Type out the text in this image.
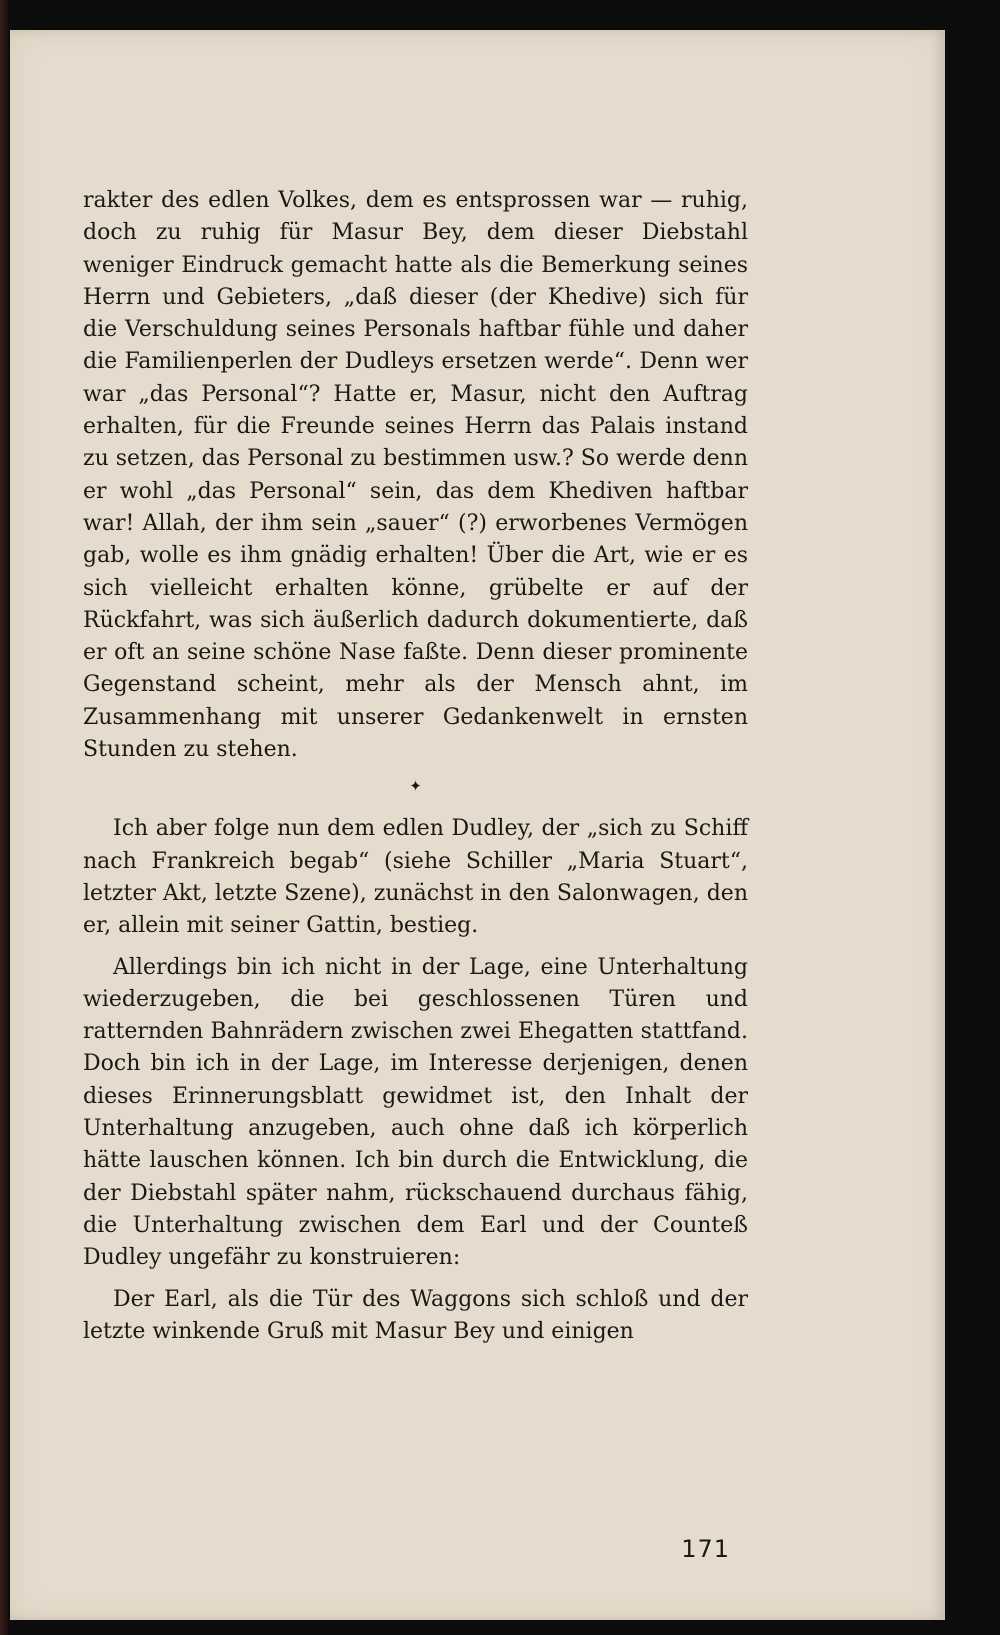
rakter des edlen Volkes, dem es entsprossen war — ruhig, doch zu ruhig für Masur Bey, dem dieser Diebstahl weniger Eindruck gemacht hatte als die Bemerkung seines Herrn und Gebieters, „daß dieser (der Khedive) sich für die Verschuldung seines Personals haftbar fühle und daher die Familienperlen der Dudleys ersetzen werde“. Denn wer war „das Personal“? Hatte er, Masur, nicht den Auftrag erhalten, für die Freunde seines Herrn das Palais instand zu setzen, das Personal zu bestimmen usw.? So werde denn er wohl „das Personal“ sein, das dem Khediven haftbar war! Allah, der ihm sein „sauer“ (?) erworbenes Vermögen gab, wolle es ihm gnädig erhalten! Über die Art, wie er es sich vielleicht erhalten könne, grübelte er auf der Rückfahrt, was sich äußerlich dadurch dokumentierte, daß er oft an seine schöne Nase faßte. Denn dieser prominente Gegenstand scheint, mehr als der Mensch ahnt, im Zusammenhang mit unserer Gedankenwelt in ernsten Stunden zu stehen.

✦

Ich aber folge nun dem edlen Dudley, der „sich zu Schiff nach Frankreich begab“ (siehe Schiller „Maria Stuart“, letzter Akt, letzte Szene), zunächst in den Salonwagen, den er, allein mit seiner Gattin, bestieg.

Allerdings bin ich nicht in der Lage, eine Unterhaltung wiederzugeben, die bei geschlossenen Türen und ratternden Bahnrädern zwischen zwei Ehegatten stattfand. Doch bin ich in der Lage, im Interesse derjenigen, denen dieses Erinnerungsblatt gewidmet ist, den Inhalt der Unterhaltung anzugeben, auch ohne daß ich körperlich hätte lauschen können. Ich bin durch die Entwicklung, die der Diebstahl später nahm, rückschauend durchaus fähig, die Unterhaltung zwischen dem Earl und der Counteß Dudley ungefähr zu konstruieren:

Der Earl, als die Tür des Waggons sich schloß und der letzte winkende Gruß mit Masur Bey und einigen

171
